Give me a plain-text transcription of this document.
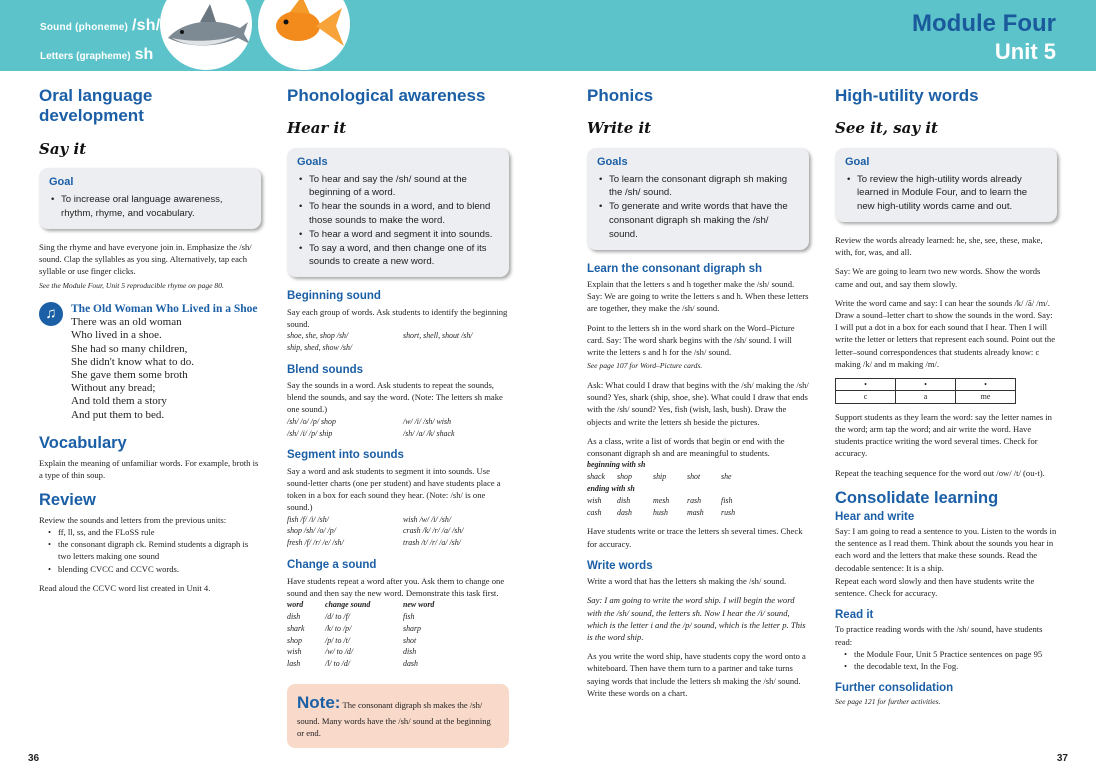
Sound (phoneme) /sh/
Letters (grapheme) sh
Module Four
Unit 5
Oral language development
Say it
Goal
• To increase oral language awareness, rhythm, rhyme, and vocabulary.

Sing the rhyme and have everyone join in. Emphasize the /sh/ sound. Clap the syllables as you sing. Alternatively, tap each syllable or use finger clicks.

See the Module Four, Unit 5 reproducible rhyme on page 80.

♫	The Old Woman Who Lived in a Shoe
There was an old woman
Who lived in a shoe.
She had so many children,
She didn't know what to do.
She gave them some broth
Without any bread;
And told them a story
And put them to bed.
Vocabulary

Explain the meaning of unfamiliar words. For example, broth is a type of thin soup.

Review

Review the sounds and letters from the previous units:

• ff, ll, ss, and the FLoSS rule
• the consonant digraph ck. Remind students a digraph is two letters making one sound
• blending CVCC and CCVC words.

Read aloud the CCVC word list created in Unit 4.

Phonological awareness
Hear it
Goals
• To hear and say the /sh/ sound at the beginning of a word.
• To hear the sounds in a word, and to blend those sounds to make the word.
• To hear a word and segment it into sounds.
• To say a word, and then change one of its sounds to create a new word.
Beginning sound

Say each group of words. Ask students to identify the beginning sound.

shoe, she, shop /sh/	short, shell, shout /sh/
ship, shed, show /sh/
Blend sounds

Say the sounds in a word. Ask students to repeat the sounds, blend the sounds, and say the word. (Note: The letters sh make one sound.)

/sh/ /o/ /p/ shop	/w/ /i/ /sh/ wish
/sh/ /i/ /p/ ship	/sh/ /a/ /k/ shack
Segment into sounds

Say a word and ask students to segment it into sounds. Use sound-letter charts (one per student) and have students place a token in a box for each sound they hear. (Note: /sh/ is one sound.)

fish /f/ /i/ /sh/	wish /w/ /i/ /sh/
shop /sh/ /o/ /p/	crash /k/ /r/ /a/ /sh/
fresh /f/ /r/ /e/ /sh/	trash /t/ /r/ /a/ /sh/
Change a sound

Have students repeat a word after you. Ask them to change one sound and then say the new word. Demonstrate this task first.

word	change sound	new word
dish	/d/ to /f/	fish
shark	/k/ to /p/	sharp
shop	/p/ to /t/	shot
wish	/w/ to /d/	dish
lash	/l/ to /d/	dash
Note: The consonant digraph sh makes the /sh/ sound. Many words have the /sh/ sound at the beginning or end.
Phonics
Write it
Goals
• To learn the consonant digraph sh making the /sh/ sound.
• To generate and write words that have the consonant digraph sh making the /sh/ sound.
Learn the consonant digraph sh

Explain that the letters s and h together make the /sh/ sound. Say: We are going to write the letters s and h. When these letters are together, they make the /sh/ sound.

Point to the letters sh in the word shark on the Word–Picture card. Say: The word shark begins with the /sh/ sound. I will write the letters s and h for the /sh/ sound.

See page 107 for Word–Picture cards.

Ask: What could I draw that begins with the /sh/ making the /sh/ sound? Yes, shark (ship, shoe, she). What could I draw that ends with the /sh/ sound? Yes, fish (wish, lash, bush). Draw the objects and write the letters sh beside the pictures.

As a class, write a list of words that begin or end with the consonant digraph sh and are meaningful to students.

beginning with sh
shack	shop	ship	shot	she
ending with sh
wish	dish	mesh	rash	fish
cash	dash	hush	mash	rush

Have students write or trace the letters sh several times. Check for accuracy.

Write words

Write a word that has the letters sh making the /sh/ sound.

Say: I am going to write the word ship. I will begin the word with the /sh/ sound, the letters sh. Now I hear the /i/ sound, which is the letter i and the /p/ sound, which is the letter p. This is the word ship.

As you write the word ship, have students copy the word onto a whiteboard. Then have them turn to a partner and take turns saying words that include the letters sh making the /sh/ sound. Write these words on a chart.

High-utility words
See it, say it
Goal
• To review the high-utility words already learned in Module Four, and to learn the new high-utility words came and out.

Review the words already learned: he, she, see, these, make, with, for, was, and all.

Say: We are going to learn two new words. Show the words came and out, and say them slowly.

Write the word came and say: I can hear the sounds /k/ /ā/ /m/. Draw a sound–letter chart to show the sounds in the word. Say: I will put a dot in a box for each sound that I hear. Then I will write the letter or letters that represent each sound. Point out the letter–sound correspondences that students already know: c making /k/ and m making /m/.

•	•	•
c	a	me

Support students as they learn the word: say the letter names in the word; arm tap the word; and air write the word. Have students practice writing the word several times. Check for accuracy.

Repeat the teaching sequence for the word out /ow/ /t/ (ou-t).

Consolidate learning
Hear and write

Say: I am going to read a sentence to you. Listen to the words in the sentence as I read them. Think about the sounds you hear in each word and the letters that make these sounds. Read the decodable sentence: It is a ship.

Repeat each word slowly and then have students write the sentence. Check for accuracy.

Read it

To practice reading words with the /sh/ sound, have students read:

• the Module Four, Unit 5 Practice sentences on page 95
• the decodable text, In the Fog.
Further consolidation

See page 121 for further activities.

36	37
